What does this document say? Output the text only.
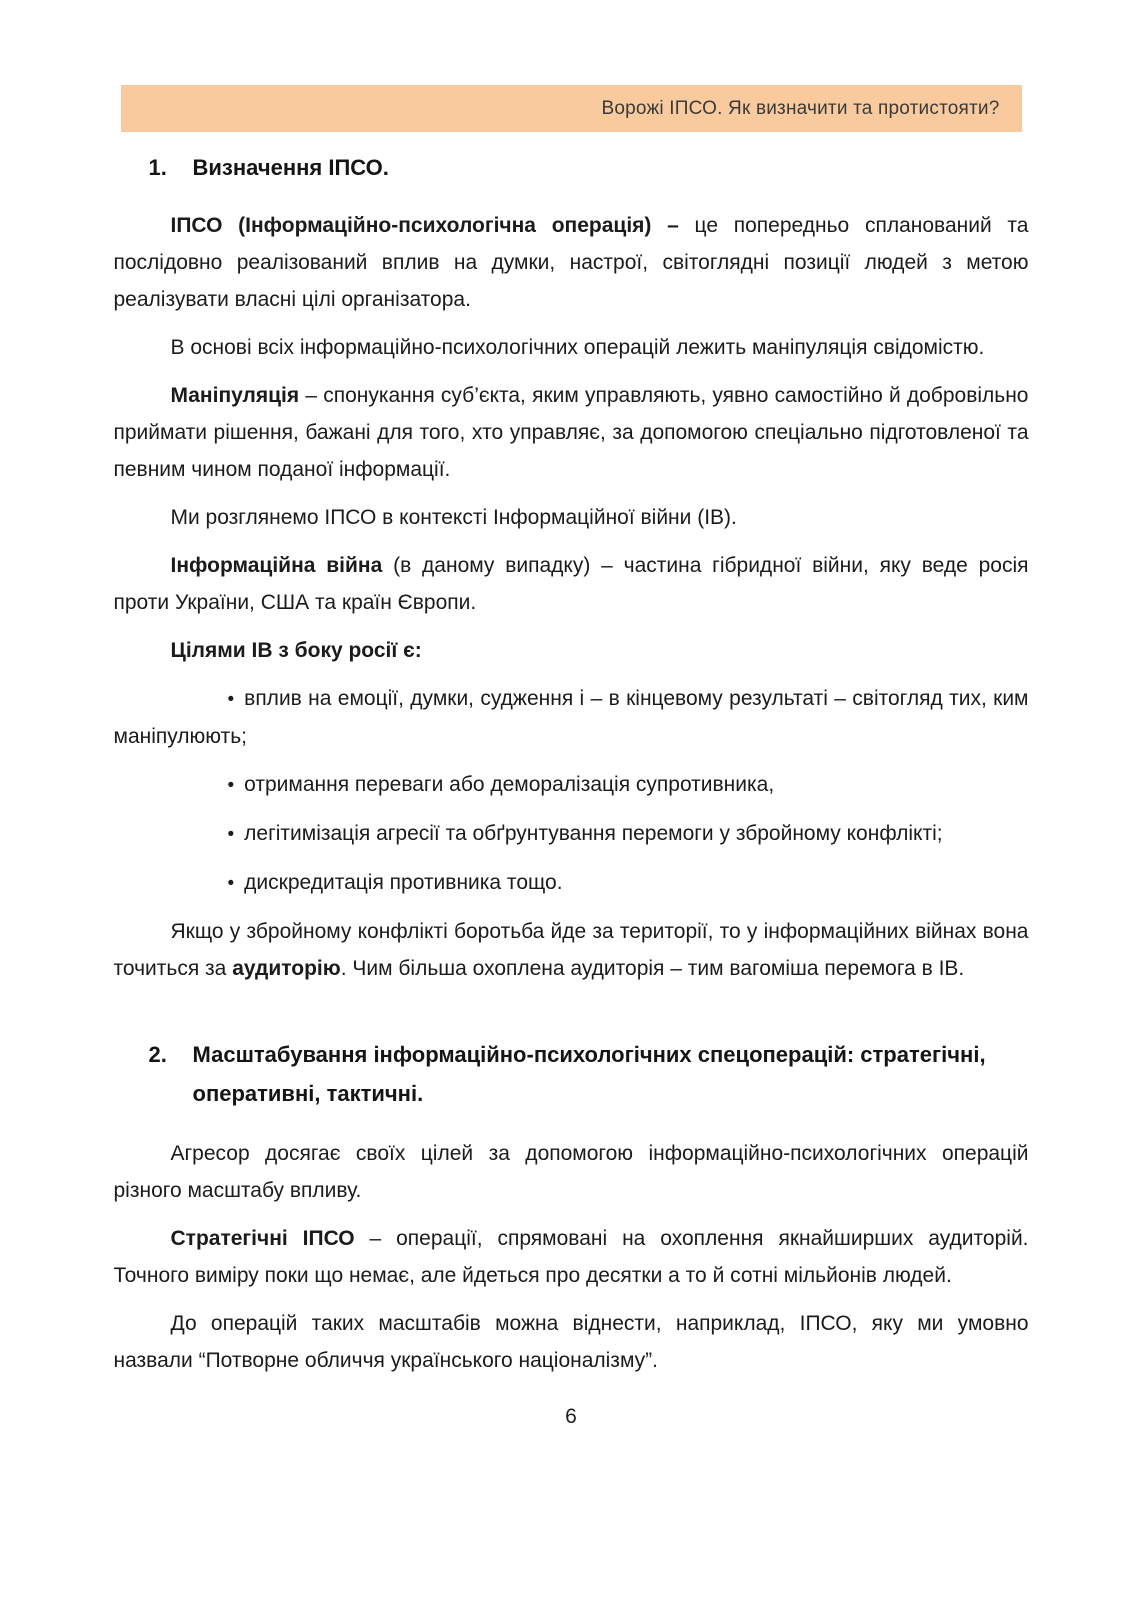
Ворожі ІПСО. Як визначити та протистояти?
1.	Визначення ІПСО.

ІПСО (Інформаційно-психологічна операція) – це попередньо спланований та послідовно реалізований вплив на думки, настрої, світоглядні позиції людей з метою реалізувати власні цілі організатора.

В основі всіх інформаційно-психологічних операцій лежить маніпуляція свідомістю.

Маніпуляція – спонукання суб’єкта, яким управляють, уявно самостійно й добровільно приймати рішення, бажані для того, хто управляє, за допомогою спеціально підготовленої та певним чином поданої інформації.

Ми розглянемо ІПСО в контексті Інформаційної війни (ІВ).

Інформаційна війна (в даному випадку) – частина гібридної війни, яку веде росія проти України, США та країн Європи.

Цілями ІВ з боку росії є:

• вплив на емоції, думки, судження і – в кінцевому результаті – світогляд тих, ким маніпулюють;

• отримання переваги або деморалізація супротивника,

• легітимізація агресії та обґрунтування перемоги у збройному конфлікті;

• дискредитація противника тощо.

Якщо у збройному конфлікті боротьба йде за території, то у інформаційних війнах вона точиться за аудиторію. Чим більша охоплена аудиторія – тим вагоміша перемога в ІВ.

2.	Масштабування інформаційно-психологічних спецоперацій: стратегічні, оперативні, тактичні.

Агресор досягає своїх цілей за допомогою інформаційно-психологічних операцій різного масштабу впливу.

Стратегічні ІПСО – операції, спрямовані на охоплення якнайширших аудиторій. Точного виміру поки що немає, але йдеться про десятки а то й сотні мільйонів людей.

До операцій таких масштабів можна віднести, наприклад, ІПСО, яку ми умовно назвали “Потворне обличчя українського націоналізму”.

6
